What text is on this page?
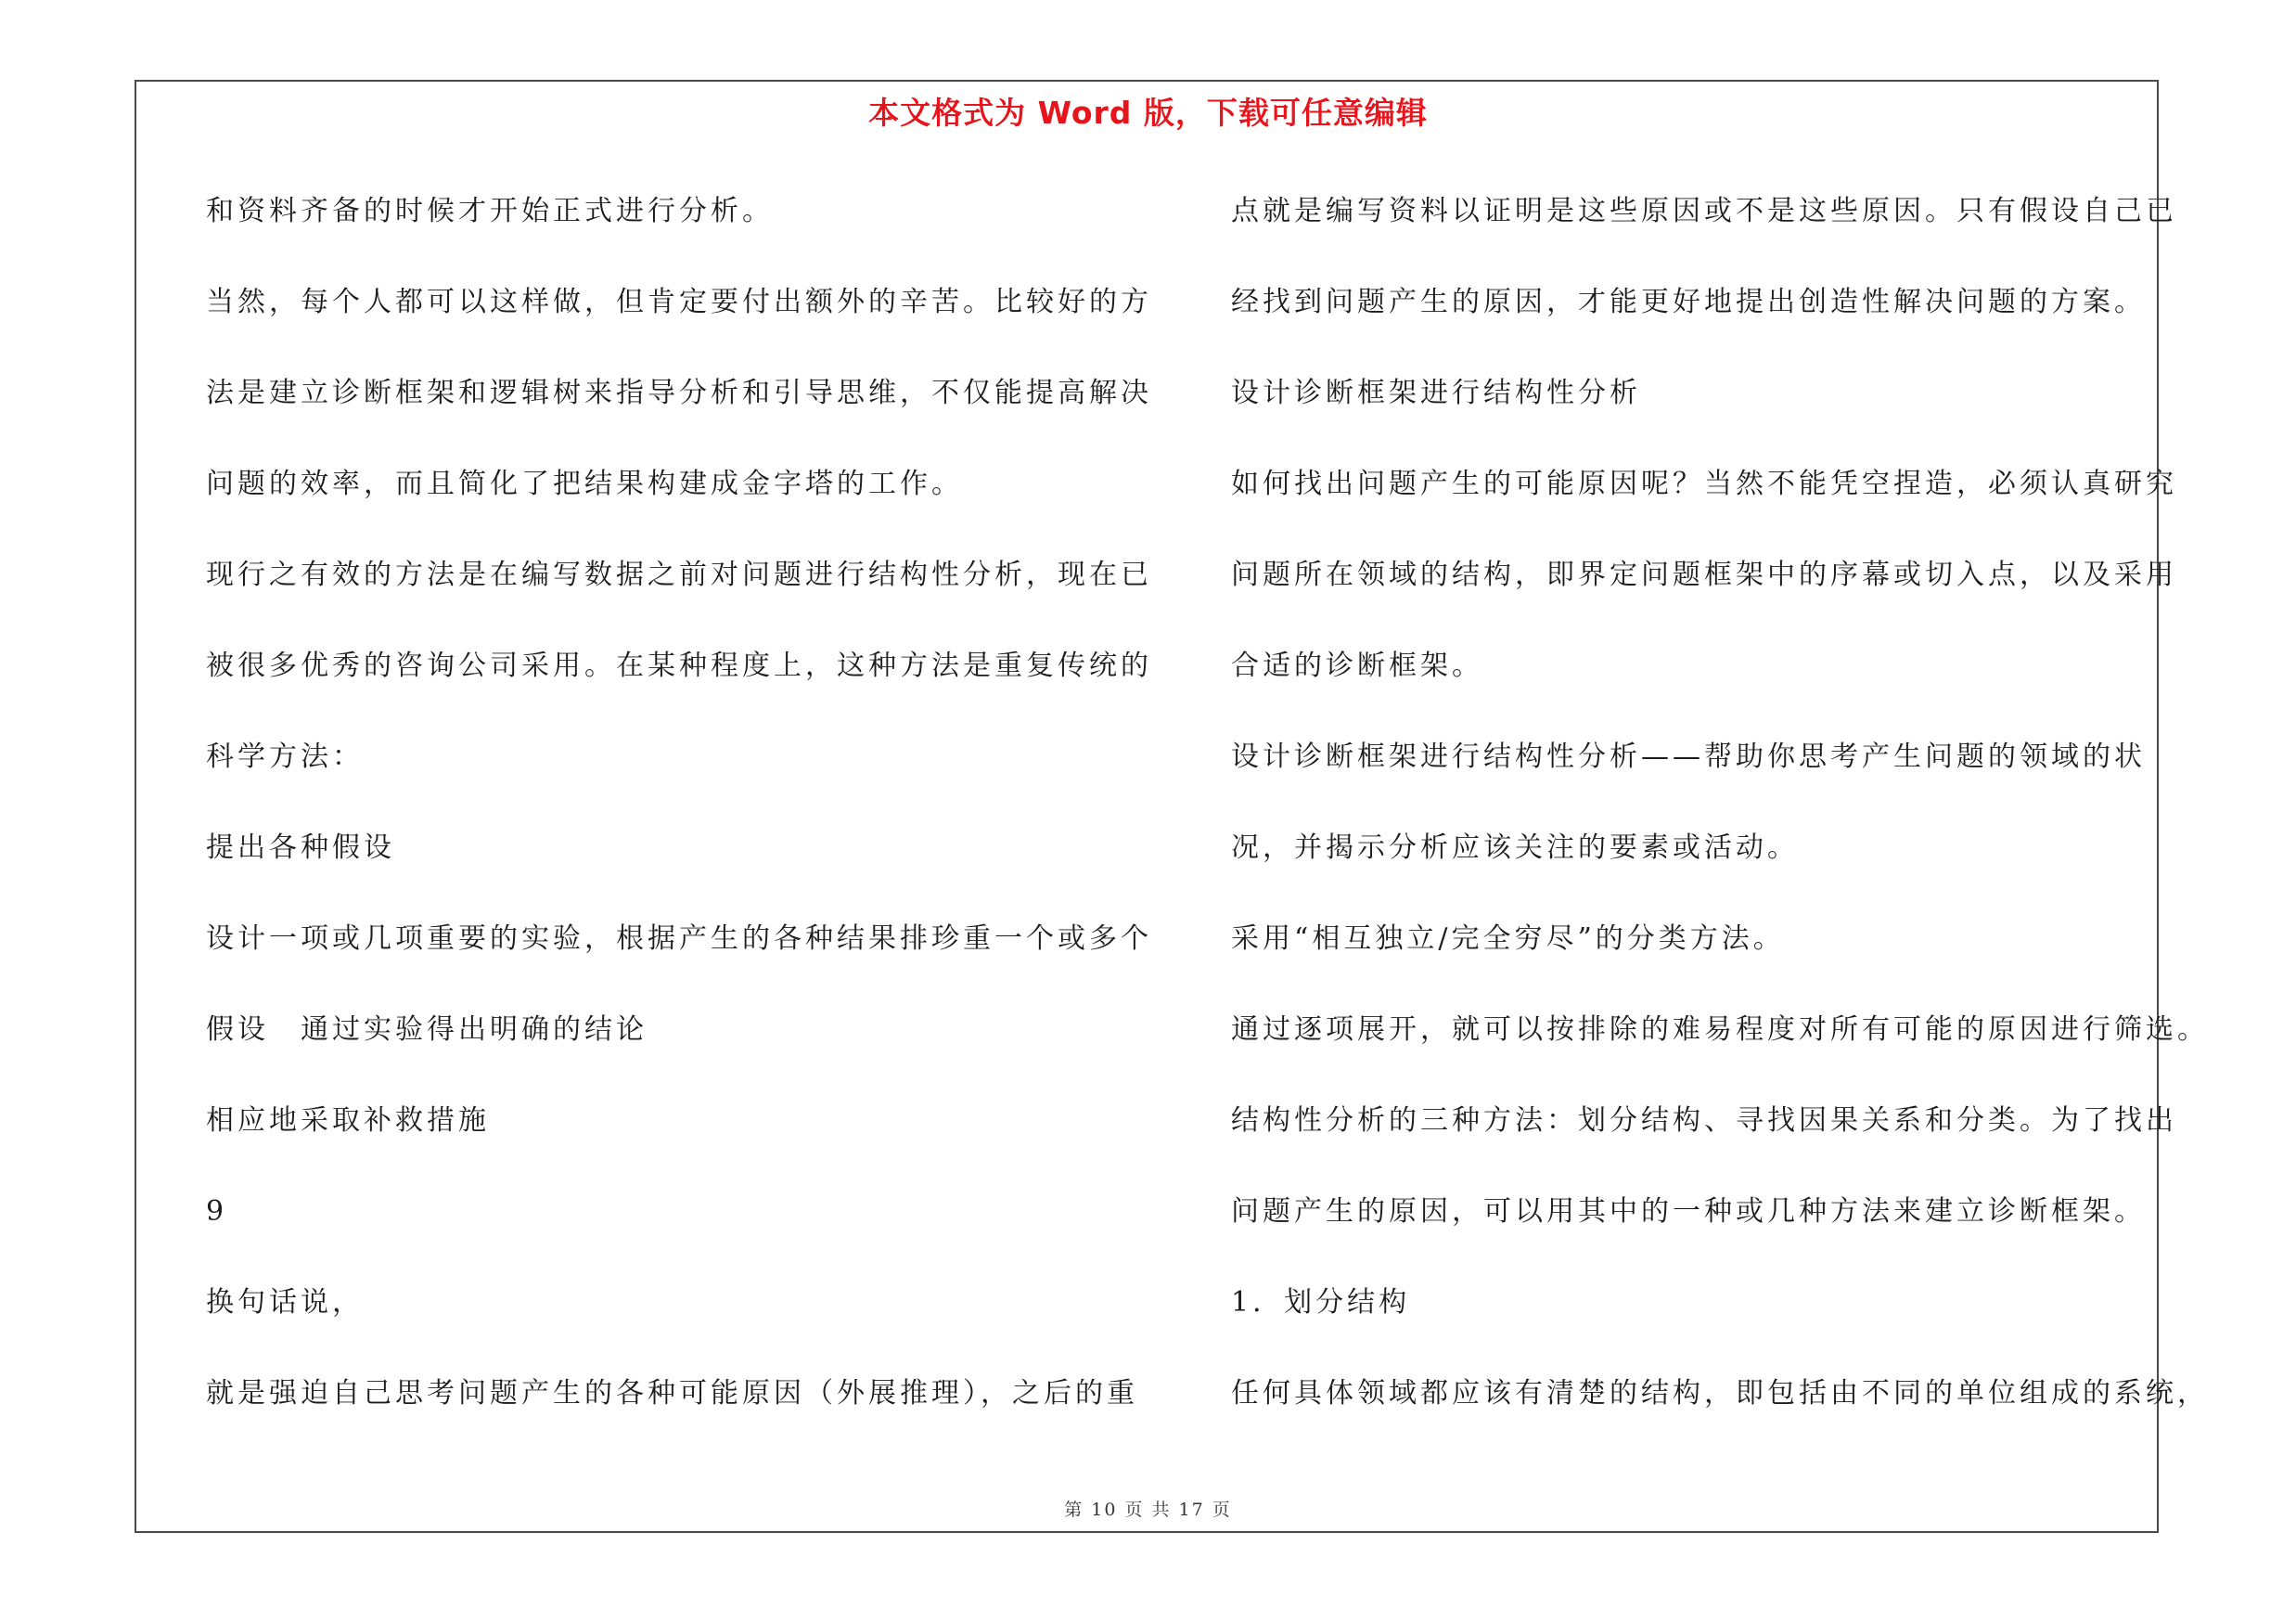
本文格式为 Word 版，下载可任意编辑
和资料齐备的时候才开始正式进行分析。
当然，每个人都可以这样做，但肯定要付出额外的辛苦。比较好的方
法是建立诊断框架和逻辑树来指导分析和引导思维，不仅能提高解决
问题的效率，而且简化了把结果构建成金字塔的工作。
现行之有效的方法是在编写数据之前对问题进行结构性分析，现在已
被很多优秀的咨询公司采用。在某种程度上，这种方法是重复传统的
科学方法：
提出各种假设
设计一项或几项重要的实验，根据产生的各种结果排珍重一个或多个
假设　通过实验得出明确的结论
相应地采取补救措施
9
换句话说，
就是强迫自己思考问题产生的各种可能原因（外展推理），之后的重
点就是编写资料以证明是这些原因或不是这些原因。只有假设自己已
经找到问题产生的原因，才能更好地提出创造性解决问题的方案。
设计诊断框架进行结构性分析
如何找出问题产生的可能原因呢？当然不能凭空捏造，必须认真研究
问题所在领域的结构，即界定问题框架中的序幕或切入点，以及采用
合适的诊断框架。
设计诊断框架进行结构性分析——帮助你思考产生问题的领域的状
况，并揭示分析应该关注的要素或活动。
采用“相互独立/完全穷尽”的分类方法。
通过逐项展开，就可以按排除的难易程度对所有可能的原因进行筛选。
结构性分析的三种方法：划分结构、寻找因果关系和分类。为了找出
问题产生的原因，可以用其中的一种或几种方法来建立诊断框架。
1．划分结构
任何具体领域都应该有清楚的结构，即包括由不同的单位组成的系统，
第 10 页 共 17 页
